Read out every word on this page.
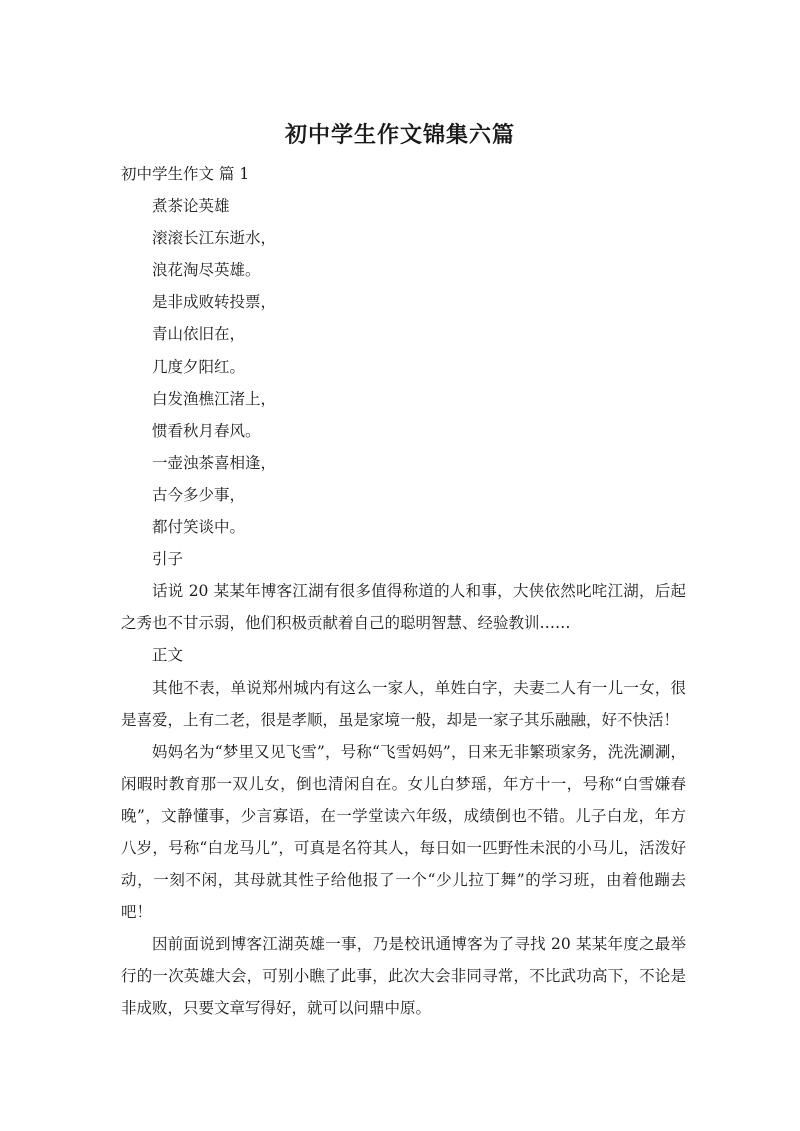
初中学生作文锦集六篇

初中学生作文 篇 1

煮茶论英雄

滚滚长江东逝水，

浪花淘尽英雄。

是非成败转投票，

青山依旧在，

几度夕阳红。

白发渔樵江渚上，

惯看秋月春风。

一壶浊茶喜相逢，

古今多少事，

都付笑谈中。

引子

话说 20 某某年博客江湖有很多值得称道的人和事，大侠依然叱咤江湖，后起之秀也不甘示弱，他们积极贡献着自己的聪明智慧、经验教训……

正文

其他不表，单说郑州城内有这么一家人，单姓白字，夫妻二人有一儿一女，很是喜爱，上有二老，很是孝顺，虽是家境一般，却是一家子其乐融融，好不快活！

妈妈名为“梦里又见飞雪”，号称“飞雪妈妈”，日来无非繁琐家务，洗洗涮涮，闲暇时教育那一双儿女，倒也清闲自在。女儿白梦瑶，年方十一，号称“白雪嫌春晚”，文静懂事，少言寡语，在一学堂读六年级，成绩倒也不错。儿子白龙，年方八岁，号称“白龙马儿”，可真是名符其人，每日如一匹野性未泯的小马儿，活泼好动，一刻不闲，其母就其性子给他报了一个“少儿拉丁舞”的学习班，由着他蹦去吧！

因前面说到博客江湖英雄一事，乃是校讯通博客为了寻找 20 某某年度之最举行的一次英雄大会，可别小瞧了此事，此次大会非同寻常，不比武功高下，不论是非成败，只要文章写得好，就可以问鼎中原。
